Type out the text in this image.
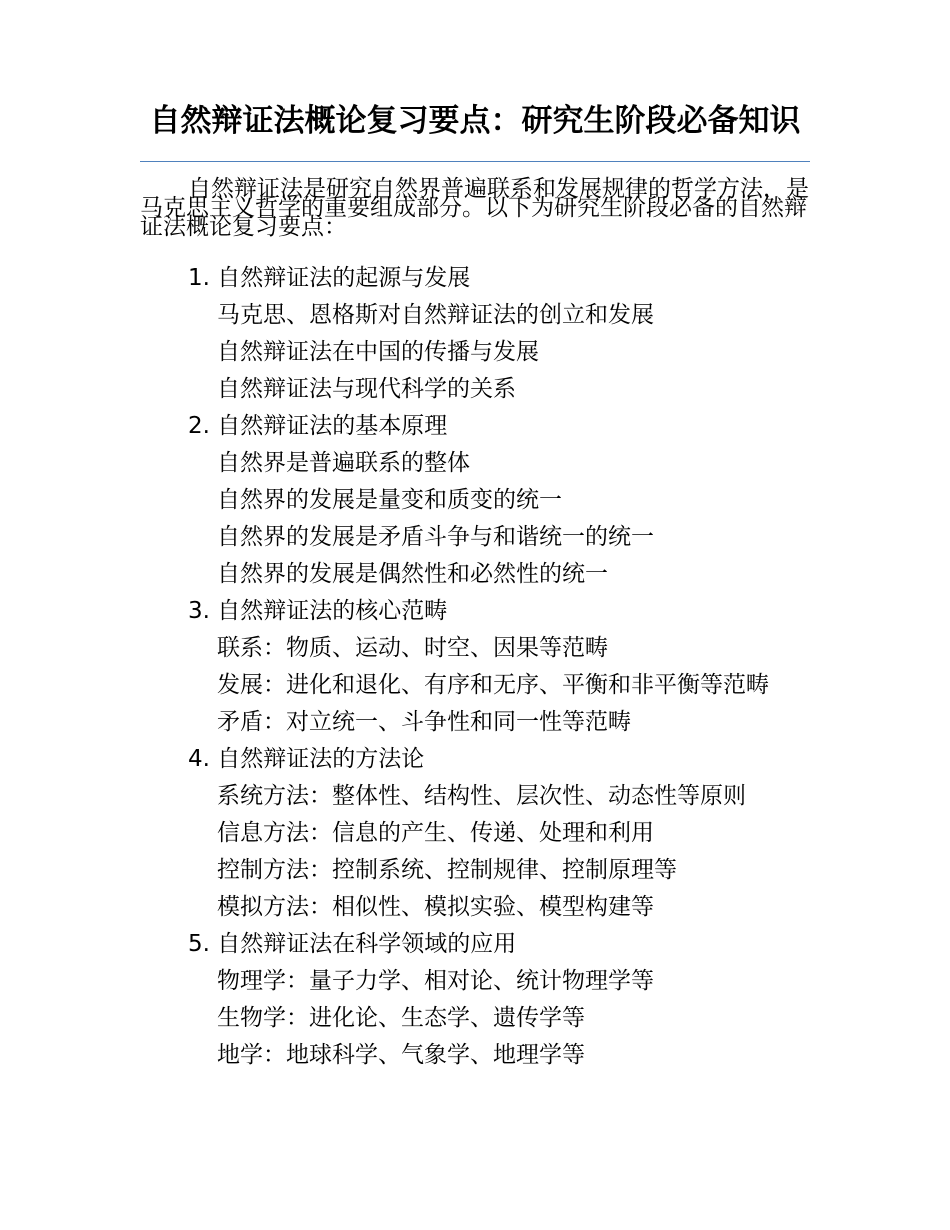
自然辩证法概论复习要点：研究生阶段必备知识
自然辩证法是研究自然界普遍联系和发展规律的哲学方法，是马克思主义哲学的重要组成部分。以下为研究生阶段必备的自然辩证法概论复习要点：
1. 自然辩证法的起源与发展
马克思、恩格斯对自然辩证法的创立和发展
自然辩证法在中国的传播与发展
自然辩证法与现代科学的关系
2. 自然辩证法的基本原理
自然界是普遍联系的整体
自然界的发展是量变和质变的统一
自然界的发展是矛盾斗争与和谐统一的统一
自然界的发展是偶然性和必然性的统一
3. 自然辩证法的核心范畴
联系：物质、运动、时空、因果等范畴
发展：进化和退化、有序和无序、平衡和非平衡等范畴
矛盾：对立统一、斗争性和同一性等范畴
4. 自然辩证法的方法论
系统方法：整体性、结构性、层次性、动态性等原则
信息方法：信息的产生、传递、处理和利用
控制方法：控制系统、控制规律、控制原理等
模拟方法：相似性、模拟实验、模型构建等
5. 自然辩证法在科学领域的应用
物理学：量子力学、相对论、统计物理学等
生物学：进化论、生态学、遗传学等
地学：地球科学、气象学、地理学等
